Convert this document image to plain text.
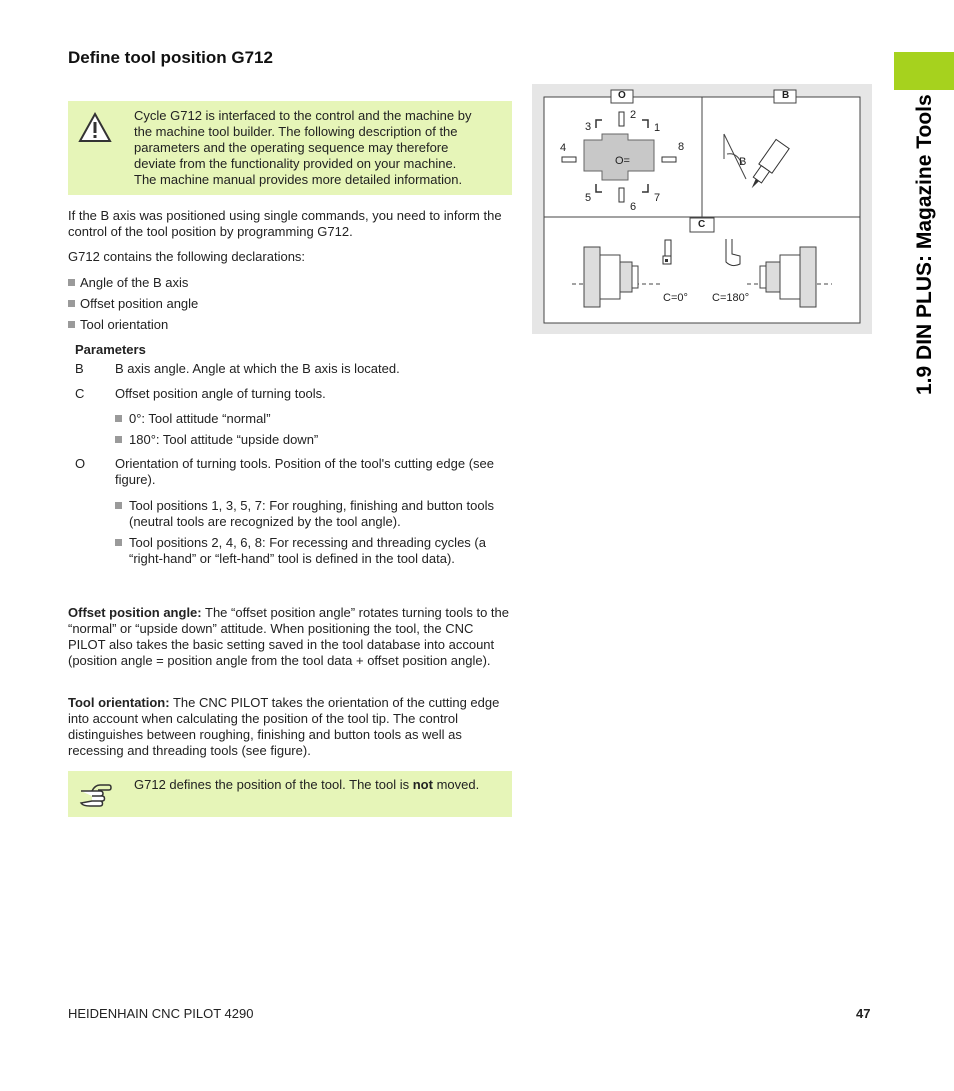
1.9 DIN PLUS: Magazine Tools
Define tool position G712
Cycle G712 is interfaced to the control and the machine by
the machine tool builder. The following description of the
parameters and the operating sequence may therefore
deviate from the functionality provided on your machine.
The machine manual provides more detailed information.

If the B axis was positioned using single commands, you need to inform the control of the tool position by programming G712.

G712 contains the following declarations:

Angle of the B axis
Offset position angle
Tool orientation
Parameters
B B axis angle. Angle at which the B axis is located.
C Offset position angle of turning tools.
0°: Tool attitude “normal”
180°: Tool attitude “upside down”
O Orientation of turning tools. Position of the tool's cutting edge (see figure).
Tool positions 1, 3, 5, 7: For roughing, finishing and button tools (neutral tools are recognized by the tool angle).
Tool positions 2, 4, 6, 8: For recessing and threading cycles (a “right-hand” or “left-hand” tool is defined in the tool data).

Offset position angle: The “offset position angle” rotates turning tools to the “normal” or “upside down” attitude. When positioning the tool, the CNC PILOT also takes the basic setting saved in the tool database into account (position angle = position angle from the tool data + offset position angle).

Tool orientation: The CNC PILOT takes the orientation of the cutting edge into account when calculating the position of the tool tip. The control distinguishes between roughing, finishing and button tools as well as recessing and threading tools (see figure).

G712 defines the position of the tool. The tool is not moved.
O	B
C
O=
1
2
3
4
5
6
7
8
B
C=0° C=180°
HEIDENHAIN CNC PILOT 4290	47
